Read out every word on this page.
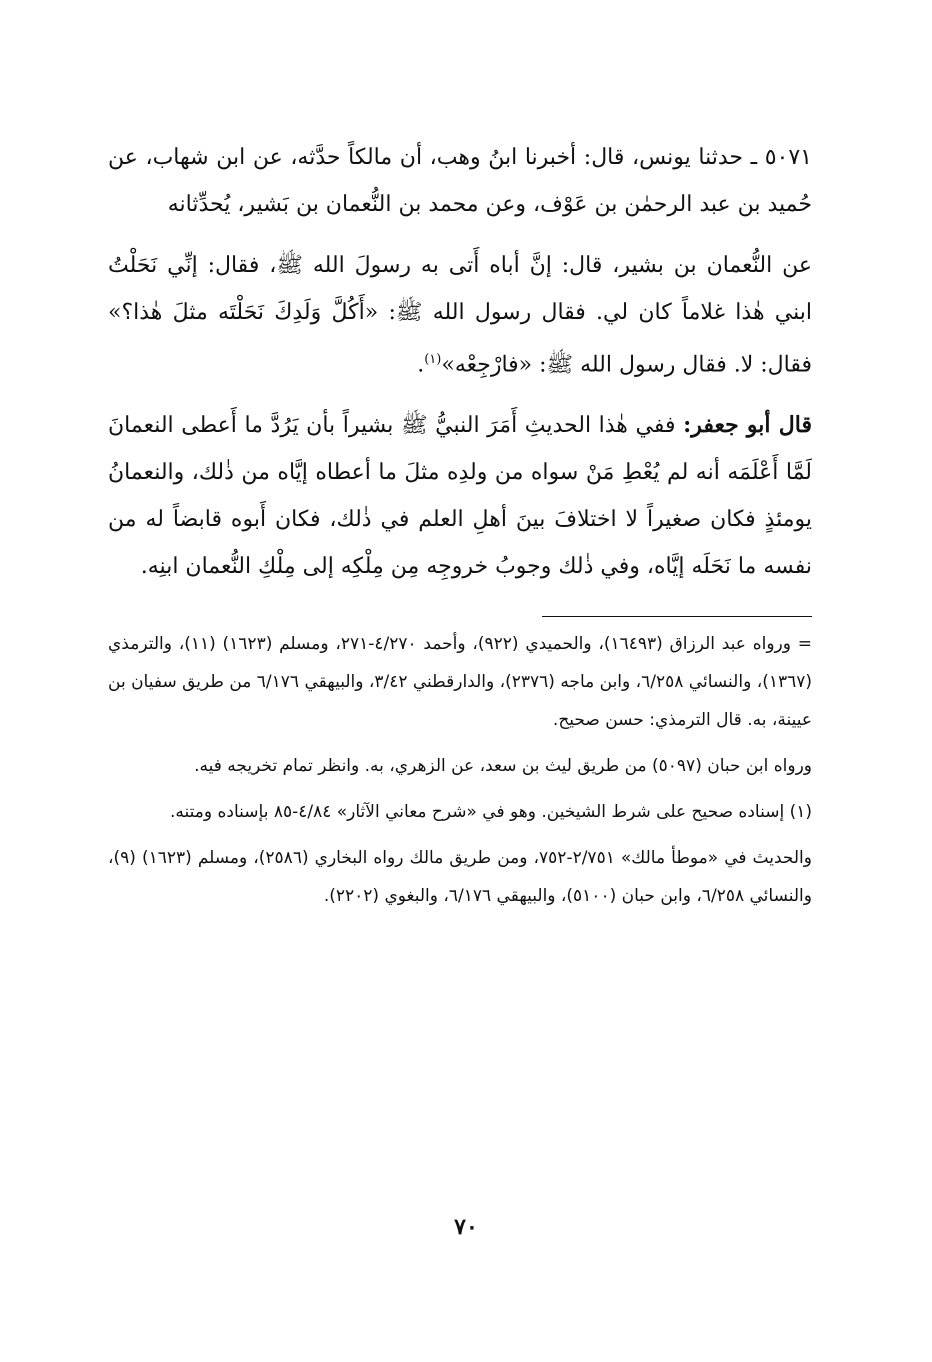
٥٠٧١ ـ حدثنا يونس، قال: أخبرنا ابنُ وهب، أن مالكاً حدَّثه، عن ابن شهاب، عن حُميد بن عبد الرحمٰن بن عَوْف، وعن محمد بن النُّعمان بن بَشير، يُحدِّثانه

عن النُّعمان بن بشير، قال: إنَّ أباه أَتى به رسولَ الله ﷺ، فقال: إنِّي نَحَلْتُ ابني هٰذا غلاماً كان لي. فقال رسول الله ﷺ: «أَكُلَّ وَلَدِكَ نَحَلْتَه مثلَ هٰذا؟» فقال: لا. فقال رسول الله ﷺ: «فارْجِعْه»$^{(١)}$.

قال أبو جعفر: ففي هٰذا الحديثِ أَمَرَ النبيُّ ﷺ بشيراً بأن يَرُدَّ ما أَعطى النعمانَ لَمَّا أَعْلَمَه أنه لم يُعْطِ مَنْ سواه من ولدِه مثلَ ما أعطاه إيَّاه من ذٰلك، والنعمانُ يومئذٍ فكان صغيراً لا اختلافَ بينَ أهلِ العلم في ذٰلك، فكان أَبوه قابضاً له من نفسه ما نَحَلَه إيَّاه، وفي ذٰلك وجوبُ خروجِه مِن مِلْكِه إلى مِلْكِ النُّعمان ابنِه.

= ورواه عبد الرزاق (١٦٤٩٣)، والحميدي (٩٢٢)، وأحمد ٤/٢٧٠-٢٧١، ومسلم (١٦٢٣) (١١)، والترمذي (١٣٦٧)، والنسائي ٦/٢٥٨، وابن ماجه (٢٣٧٦)، والدارقطني ٣/٤٢، والبيهقي ٦/١٧٦ من طريق سفيان بن عيينة، به. قال الترمذي: حسن صحيح.

ورواه ابن حبان (٥٠٩٧) من طريق ليث بن سعد، عن الزهري، به. وانظر تمام تخريجه فيه.

(١) إسناده صحيح على شرط الشيخين. وهو في «شرح معاني الآثار» ٤/٨٤-٨٥ بإسناده ومتنه.

والحديث في «موطأ مالك» ٢/٧٥١-٧٥٢، ومن طريق مالك رواه البخاري (٢٥٨٦)، ومسلم (١٦٢٣) (٩)، والنسائي ٦/٢٥٨، وابن حبان (٥١٠٠)، والبيهقي ٦/١٧٦، والبغوي (٢٢٠٢).

٧٠
